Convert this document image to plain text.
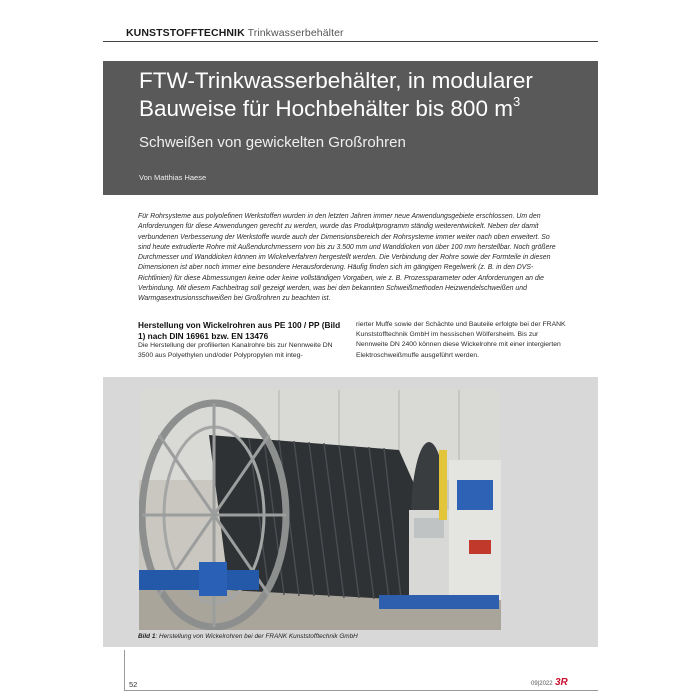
KUNSTSTOFFTECHNIK Trinkwasserbehälter
FTW-Trinkwasserbehälter, in modularer Bauweise für Hochbehälter bis 800 $m^3$
Schweißen von gewickelten Großrohren
Von Matthias Haese
Für Rohrsysteme aus polyolefinen Werkstoffen wurden in den letzten Jahren immer neue Anwendungsgebiete erschlossen. Um den Anforderungen für diese Anwendungen gerecht zu werden, wurde das Produktprogramm ständig weiterentwickelt. Neben der damit verbundenen Verbesserung der Werkstoffe wurde auch der Dimensionsbereich der Rohrsysteme immer weiter nach oben erweitert. So sind heute extrudierte Rohre mit Außendurchmessern von bis zu 3.500 mm und Wanddicken von über 100 mm herstellbar. Noch größere Durchmesser und Wanddicken können im Wickelverfahren hergestellt werden. Die Verbindung der Rohre sowie der Formteile in diesen Dimensionen ist aber noch immer eine besondere Herausforderung. Häufig finden sich im gängigen Regelwerk (z. B. in den DVS-Richtlinien) für diese Abmessungen keine oder keine vollständigen Vorgaben, wie z. B. Prozessparameter oder Anforderungen an die Verbindung. Mit diesem Fachbeitrag soll gezeigt werden, was bei den bekannten Schweißmethoden Heizwendelschweißen und Warmgasextrusionsschweißen bei Großrohren zu beachten ist.
Herstellung von Wickelrohren aus PE 100 / PP (Bild 1) nach DIN 16961 bzw. EN 13476

Die Herstellung der profilierten Kanalrohre bis zur Nennweite DN 3500 aus Polyethylen und/oder Polypropylen mit integ-

rierter Muffe sowie der Schächte und Bauteile erfolgte bei der FRANK Kunststofftechnik GmbH im hessischen Wölfersheim. Bis zur Nennweite DN 2400 können diese Wickelrohre mit einer intergierten Elektroschweißmuffe ausgeführt werden.

Bild 1: Herstellung von Wickelrohren bei der FRANK Kunststofftechnik GmbH
52	09|2022 3R
